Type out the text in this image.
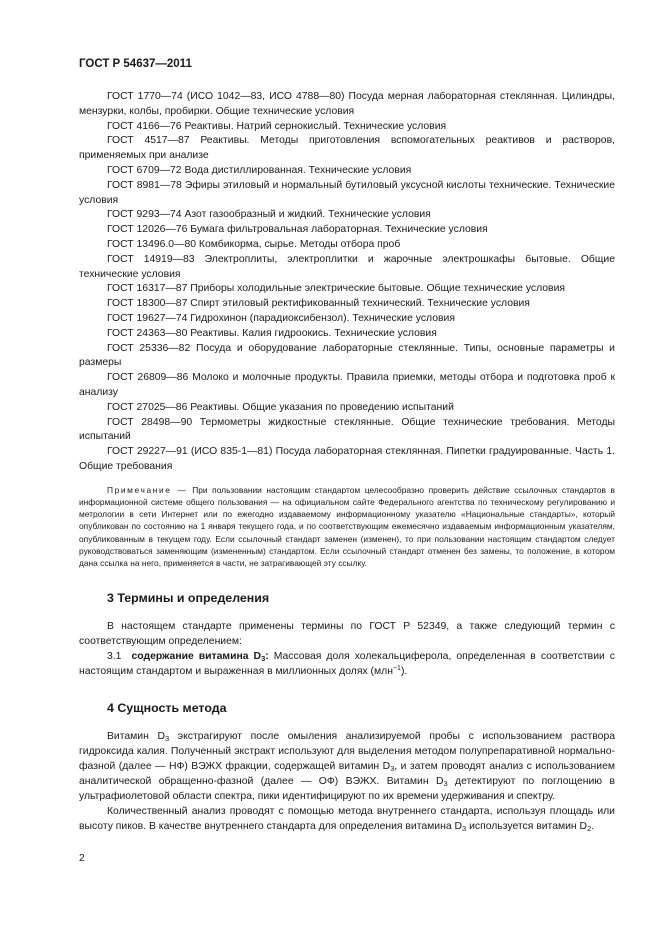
ГОСТ Р 54637—2011

ГОСТ 1770—74 (ИСО 1042—83, ИСО 4788—80) Посуда мерная лабораторная стеклянная. Цилиндры, мензурки, колбы, пробирки. Общие технические условия

ГОСТ 4166—76 Реактивы. Натрий сернокислый. Технические условия

ГОСТ 4517—87 Реактивы. Методы приготовления вспомогательных реактивов и растворов, применяемых при анализе

ГОСТ 6709—72 Вода дистиллированная. Технические условия

ГОСТ 8981—78 Эфиры этиловый и нормальный бутиловый уксусной кислоты технические. Технические условия

ГОСТ 9293—74 Азот газообразный и жидкий. Технические условия

ГОСТ 12026—76 Бумага фильтровальная лабораторная. Технические условия

ГОСТ 13496.0—80 Комбикорма, сырье. Методы отбора проб

ГОСТ 14919—83 Электроплиты, электроплитки и жарочные электрошкафы бытовые. Общие технические условия

ГОСТ 16317—87 Приборы холодильные электрические бытовые. Общие технические условия

ГОСТ 18300—87 Спирт этиловый ректификованный технический. Технические условия

ГОСТ 19627—74 Гидрохинон (парадиоксибензол). Технические условия

ГОСТ 24363—80 Реактивы. Калия гидроокись. Технические условия

ГОСТ 25336—82 Посуда и оборудование лабораторные стеклянные. Типы, основные параметры и размеры

ГОСТ 26809—86 Молоко и молочные продукты. Правила приемки, методы отбора и подготовка проб к анализу

ГОСТ 27025—86 Реактивы. Общие указания по проведению испытаний

ГОСТ 28498—90 Термометры жидкостные стеклянные. Общие технические требования. Методы испытаний

ГОСТ 29227—91 (ИСО 835-1—81) Посуда лабораторная стеклянная. Пипетки градуированные. Часть 1. Общие требования

Примечание — При пользовании настоящим стандартом целесообразно проверить действие ссылочных стандартов в информационной системе общего пользования — на официальном сайте Федерального агентства по техническому регулированию и метрологии в сети Интернет или по ежегодно издаваемому информационному указателю «Национальные стандарты», который опубликован по состоянию на 1 января текущего года, и по соответствующим ежемесячно издаваемым информационным указателям, опубликованным в текущем году. Если ссылочный стандарт заменен (изменен), то при пользовании настоящим стандартом следует руководствоваться заменяющим (измененным) стандартом. Если ссылочный стандарт отменен без замены, то положение, в котором дана ссылка на него, применяется в части, не затрагивающей эту ссылку.

3 Термины и определения

В настоящем стандарте применены термины по ГОСТ Р 52349, а также следующий термин с соответствующим определением:

3.1 содержание витамина $D_3$: Массовая доля холекальциферола, определенная в соответствии с настоящим стандартом и выраженная в миллионных долях (млн$^{-1}$).

4 Сущность метода

Витамин $D_3$ экстрагируют после омыления анализируемой пробы с использованием раствора гидроксида калия. Полученный экстракт используют для выделения методом полупрепаративной нормально-фазной (далее — НФ) ВЭЖХ фракции, содержащей витамин $D_3$, и затем проводят анализ с использованием аналитической обращенно-фазной (далее — ОФ) ВЭЖХ. Витамин $D_3$ детектируют по поглощению в ультрафиолетовой области спектра, пики идентифицируют по их времени удерживания и спектру.

Количественный анализ проводят с помощью метода внутреннего стандарта, используя площадь или высоту пиков. В качестве внутреннего стандарта для определения витамина $D_3$ используется витамин $D_2$.

2
